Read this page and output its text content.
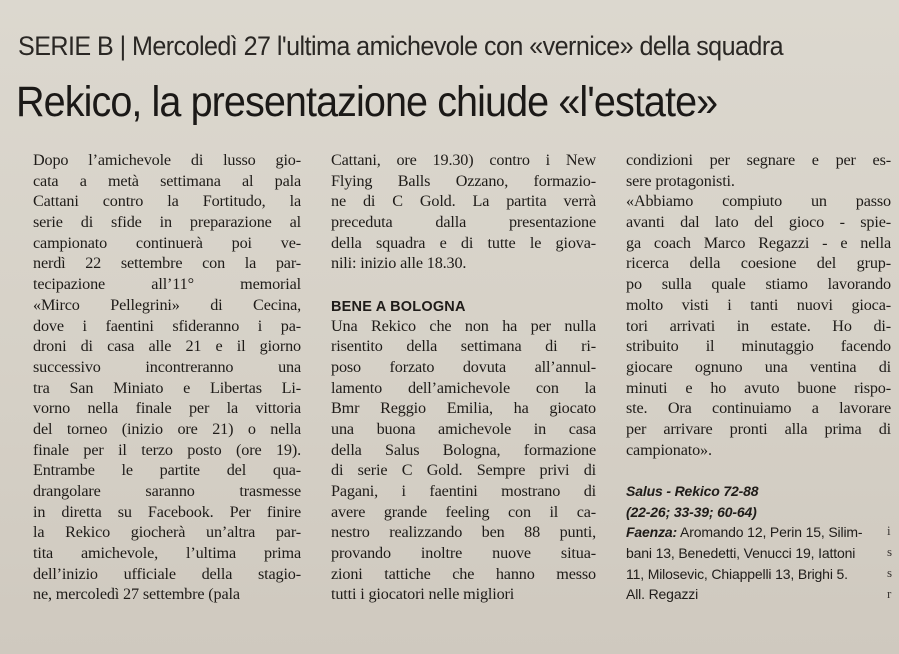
SERIE B | Mercoledì 27 l'ultima amichevole con «vernice» della squadra
Rekico, la presentazione chiude «l'estate»
Dopo l’amichevole di lusso gio-
cata a metà settimana al pala
Cattani contro la Fortitudo, la
serie di sfide in preparazione al
campionato continuerà poi ve-
nerdì 22 settembre con la par-
tecipazione all’11° memorial
«Mirco Pellegrini» di Cecina,
dove i faentini sfideranno i pa-
droni di casa alle 21 e il giorno
successivo incontreranno una
tra San Miniato e Libertas Li-
vorno nella finale per la vittoria
del torneo (inizio ore 21) o nella
finale per il terzo posto (ore 19).
Entrambe le partite del qua-
drangolare saranno trasmesse
in diretta su Facebook. Per finire
la Rekico giocherà un’altra par-
tita amichevole, l’ultima prima
dell’inizio ufficiale della stagio-
ne, mercoledì 27 settembre (pala
Cattani, ore 19.30) contro i New
Flying Balls Ozzano, formazio-
ne di C Gold. La partita verrà
preceduta dalla presentazione
della squadra e di tutte le giova-
nili: inizio alle 18.30.
BENE A BOLOGNA
Una Rekico che non ha per nulla
risentito della settimana di ri-
poso forzato dovuta all’annul-
lamento dell’amichevole con la
Bmr Reggio Emilia, ha giocato
una buona amichevole in casa
della Salus Bologna, formazione
di serie C Gold. Sempre privi di
Pagani, i faentini mostrano di
avere grande feeling con il ca-
nestro realizzando ben 88 punti,
provando inoltre nuove situa-
zioni tattiche che hanno messo
tutti i giocatori nelle migliori
condizioni per segnare e per es-
sere protagonisti.
«Abbiamo compiuto un passo
avanti dal lato del gioco - spie-
ga coach Marco Regazzi - e nella
ricerca della coesione del grup-
po sulla quale stiamo lavorando
molto visti i tanti nuovi gioca-
tori arrivati in estate. Ho di-
stribuito il minutaggio facendo
giocare ognuno una ventina di
minuti e ho avuto buone rispo-
ste. Ora continuiamo a lavorare
per arrivare pronti alla prima di
campionato».
Salus - Rekico 72-88
(22-26; 33-39; 60-64)
Faenza: Aromando 12, Perin 15, Silim-
bani 13, Benedetti, Venucci 19, Iattoni
11, Milosevic, Chiappelli 13, Brighi 5.
All. Regazzi
i
s
s
r
